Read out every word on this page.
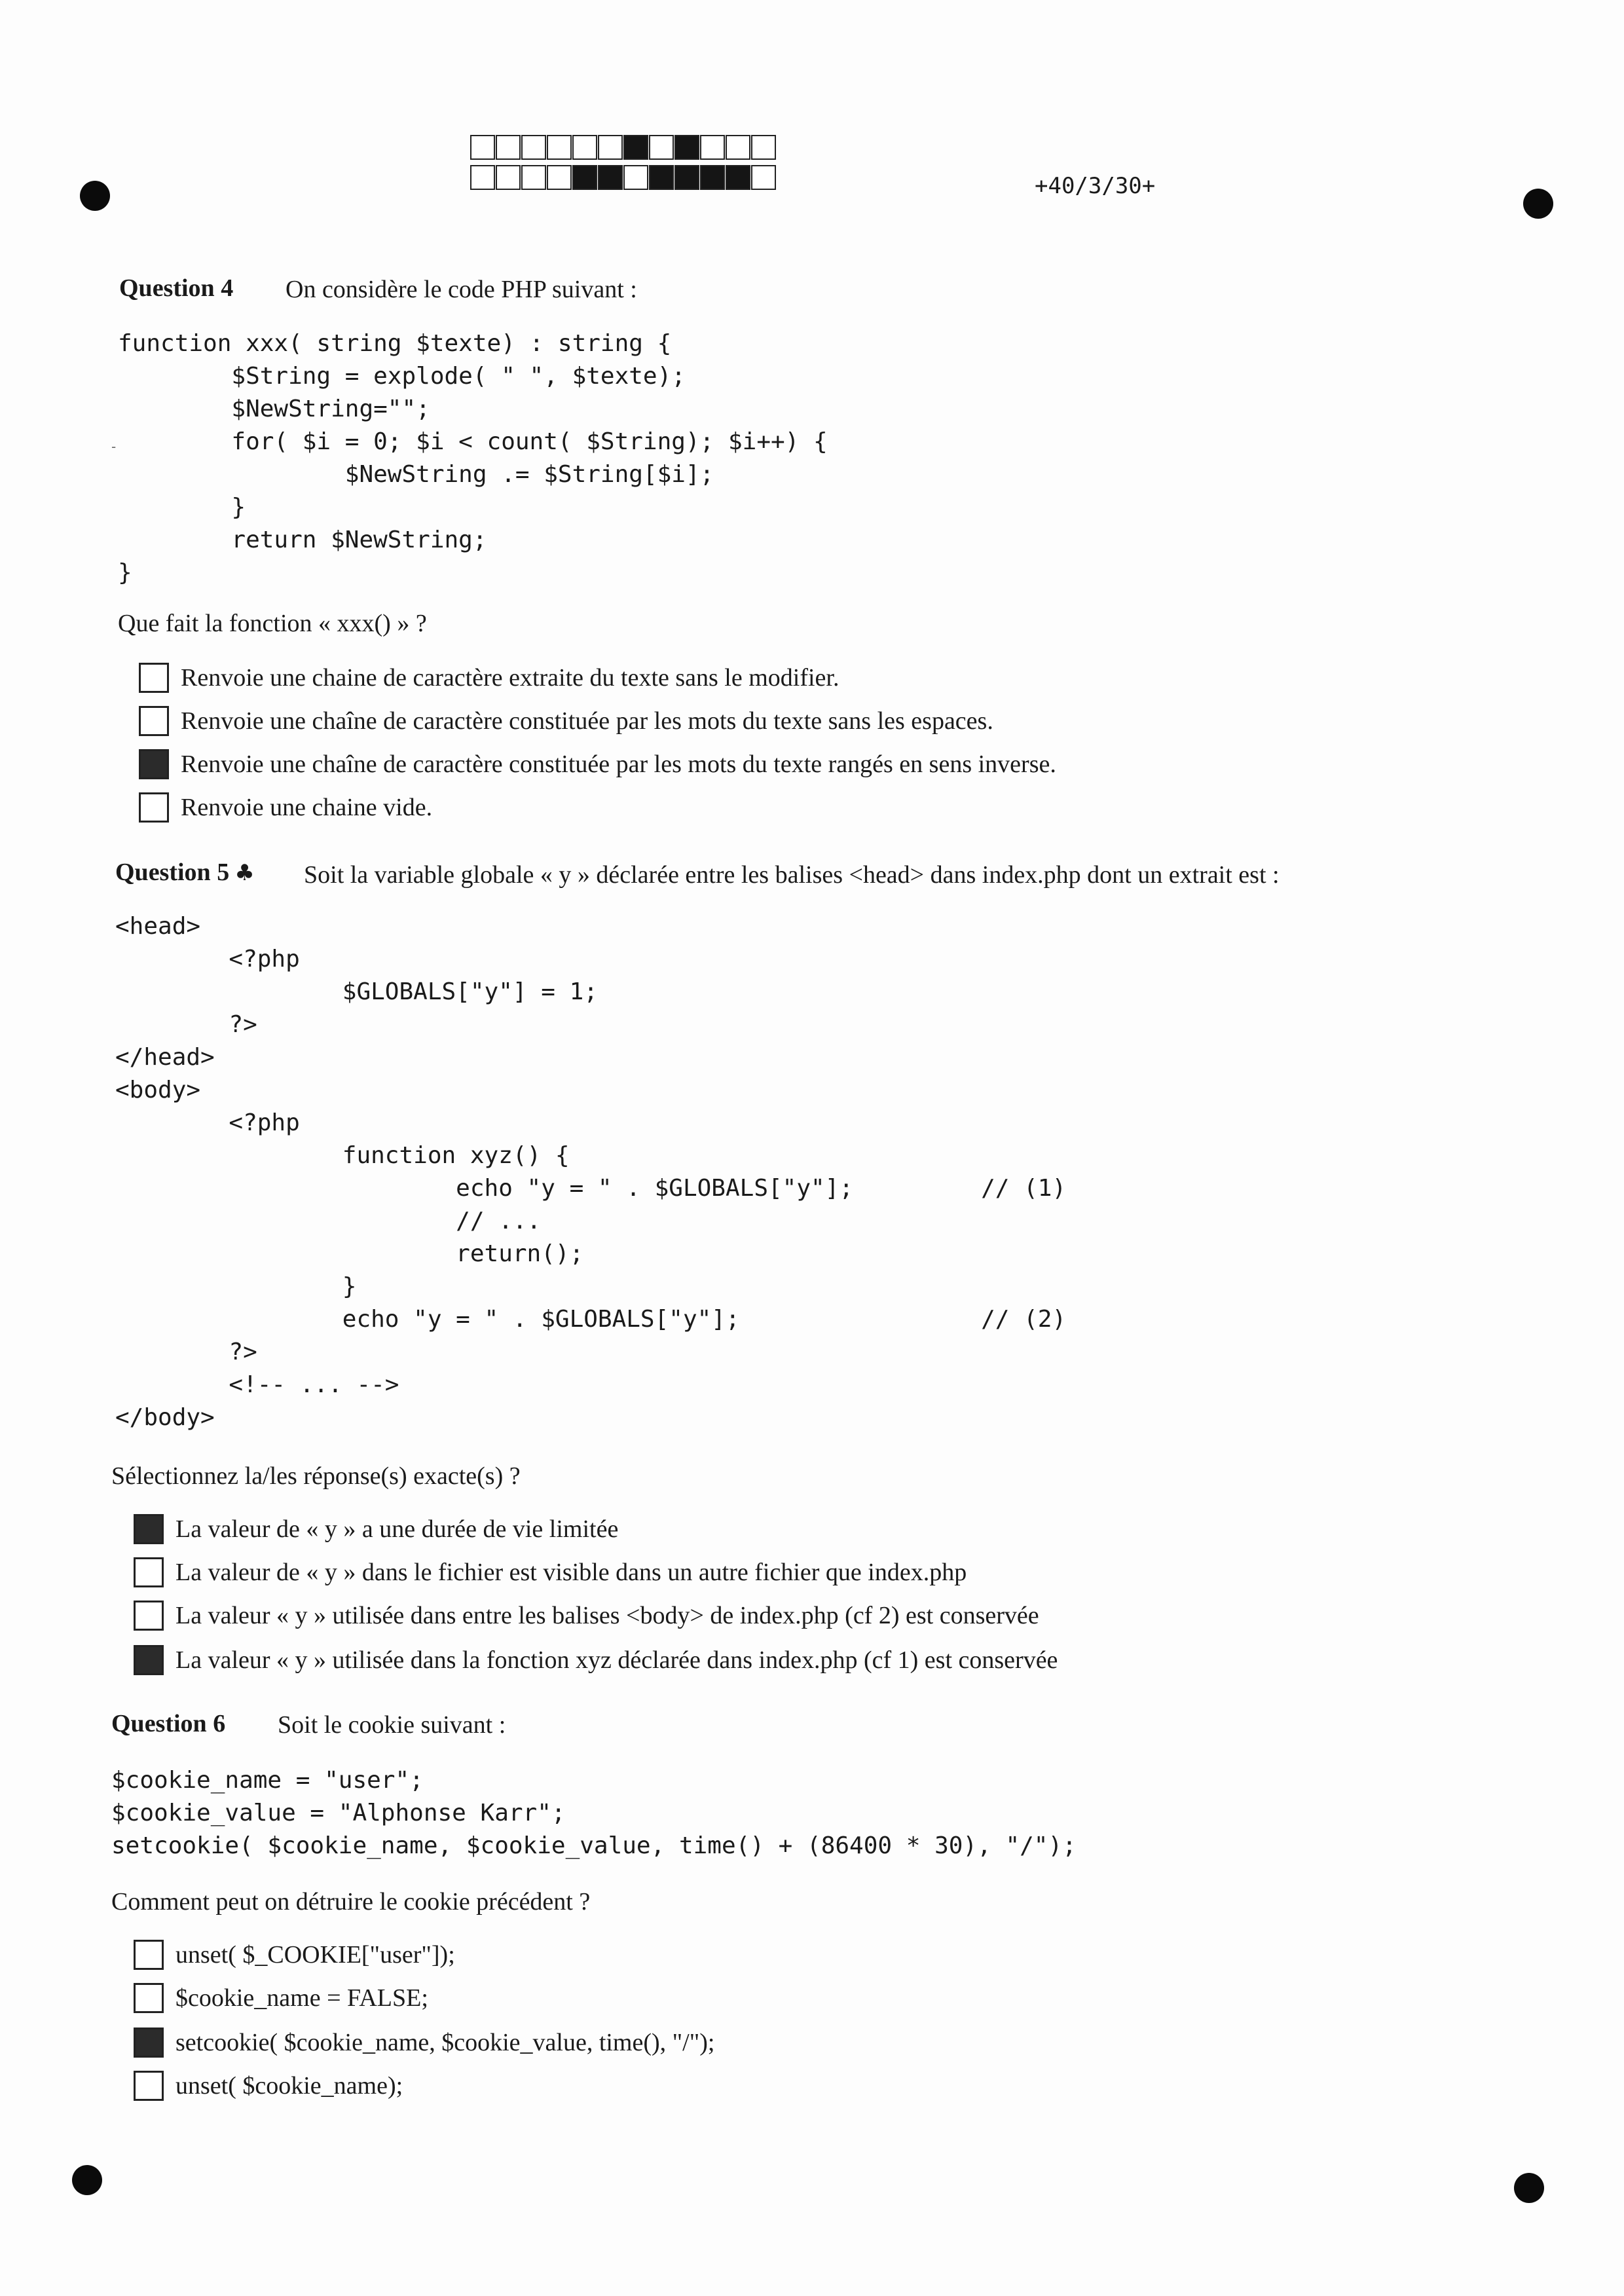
+40/3/30+
Question 4 On considère le code PHP suivant :
function xxx( string $texte) : string {
$String = explode( " ", $texte);
$NewString="";
for( $i = 0; $i < count( $String); $i++) {
$NewString .= $String[$i];
}
return $NewString;
}
-
Que fait la fonction « xxx() » ?
Renvoie une chaine de caractère extraite du texte sans le modifier.
Renvoie une chaîne de caractère constituée par les mots du texte sans les espaces.
Renvoie une chaîne de caractère constituée par les mots du texte rangés en sens inverse.
Renvoie une chaine vide.
Question 5 ♣ Soit la variable globale « y » déclarée entre les balises <head> dans index.php dont un extrait est :
<head>
<?php
$GLOBALS["y"] = 1;
?>
</head>
<body>
<?php
function xyz() {
echo "y = " . $GLOBALS["y"];         // (1)
// ...
return();
}
echo "y = " . $GLOBALS["y"];                 // (2)
?>
<!-- ... -->
</body>
Sélectionnez la/les réponse(s) exacte(s) ?
La valeur de « y » a une durée de vie limitée
La valeur de « y » dans le fichier est visible dans un autre fichier que index.php
La valeur « y » utilisée dans entre les balises <body> de index.php (cf 2) est conservée
La valeur « y » utilisée dans la fonction xyz déclarée dans index.php (cf 1) est conservée
Question 6 Soit le cookie suivant :
$cookie_name = "user";
$cookie_value = "Alphonse Karr";
setcookie( $cookie_name, $cookie_value, time() + (86400 * 30), "/");
Comment peut on détruire le cookie précédent ?
unset( $_COOKIE["user"]);
$cookie_name = FALSE;
setcookie( $cookie_name, $cookie_value, time(), "/");
unset( $cookie_name);
